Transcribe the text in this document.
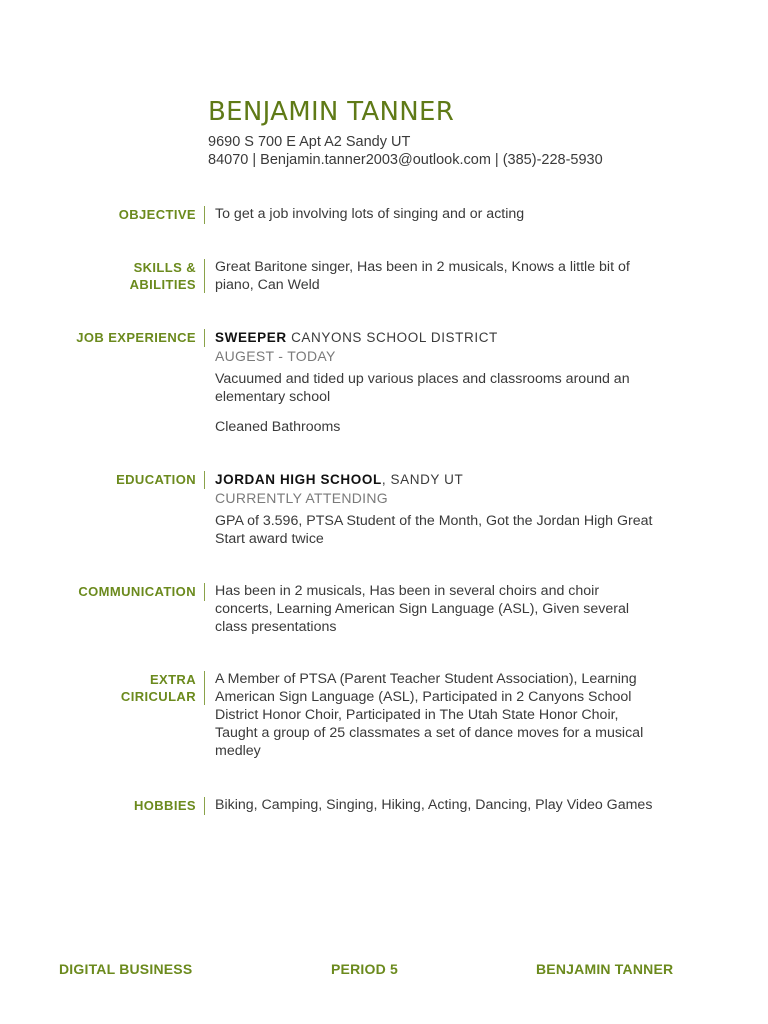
BENJAMIN TANNER
9690 S 700 E Apt A2 Sandy UT
84070 | Benjamin.tanner2003@outlook.com | (385)-228-5930
OBJECTIVE To get a job involving lots of singing and or acting
SKILLS &
ABILITIES
Great Baritone singer, Has been in 2 musicals, Knows a little bit of piano, Can Weld
JOB EXPERIENCE SWEEPER CANYONS SCHOOL DISTRICT

AUGEST - TODAY

Vacuumed and tided up various places and classrooms around an elementary school

Cleaned Bathrooms

EDUCATION JORDAN HIGH SCHOOL, SANDY UT

CURRENTLY ATTENDING

GPA of 3.596, PTSA Student of the Month, Got the Jordan High Great Start award twice

COMMUNICATION Has been in 2 musicals, Has been in several choirs and choir concerts, Learning American Sign Language (ASL), Given several class presentations
EXTRA
CIRICULAR
A Member of PTSA (Parent Teacher Student Association), Learning American Sign Language (ASL), Participated in 2 Canyons School District Honor Choir, Participated in The Utah State Honor Choir, Taught a group of 25 classmates a set of dance moves for a musical medley
HOBBIES Biking, Camping, Singing, Hiking, Acting, Dancing, Play Video Games
DIGITAL BUSINESS	PERIOD 5	BENJAMIN TANNER
